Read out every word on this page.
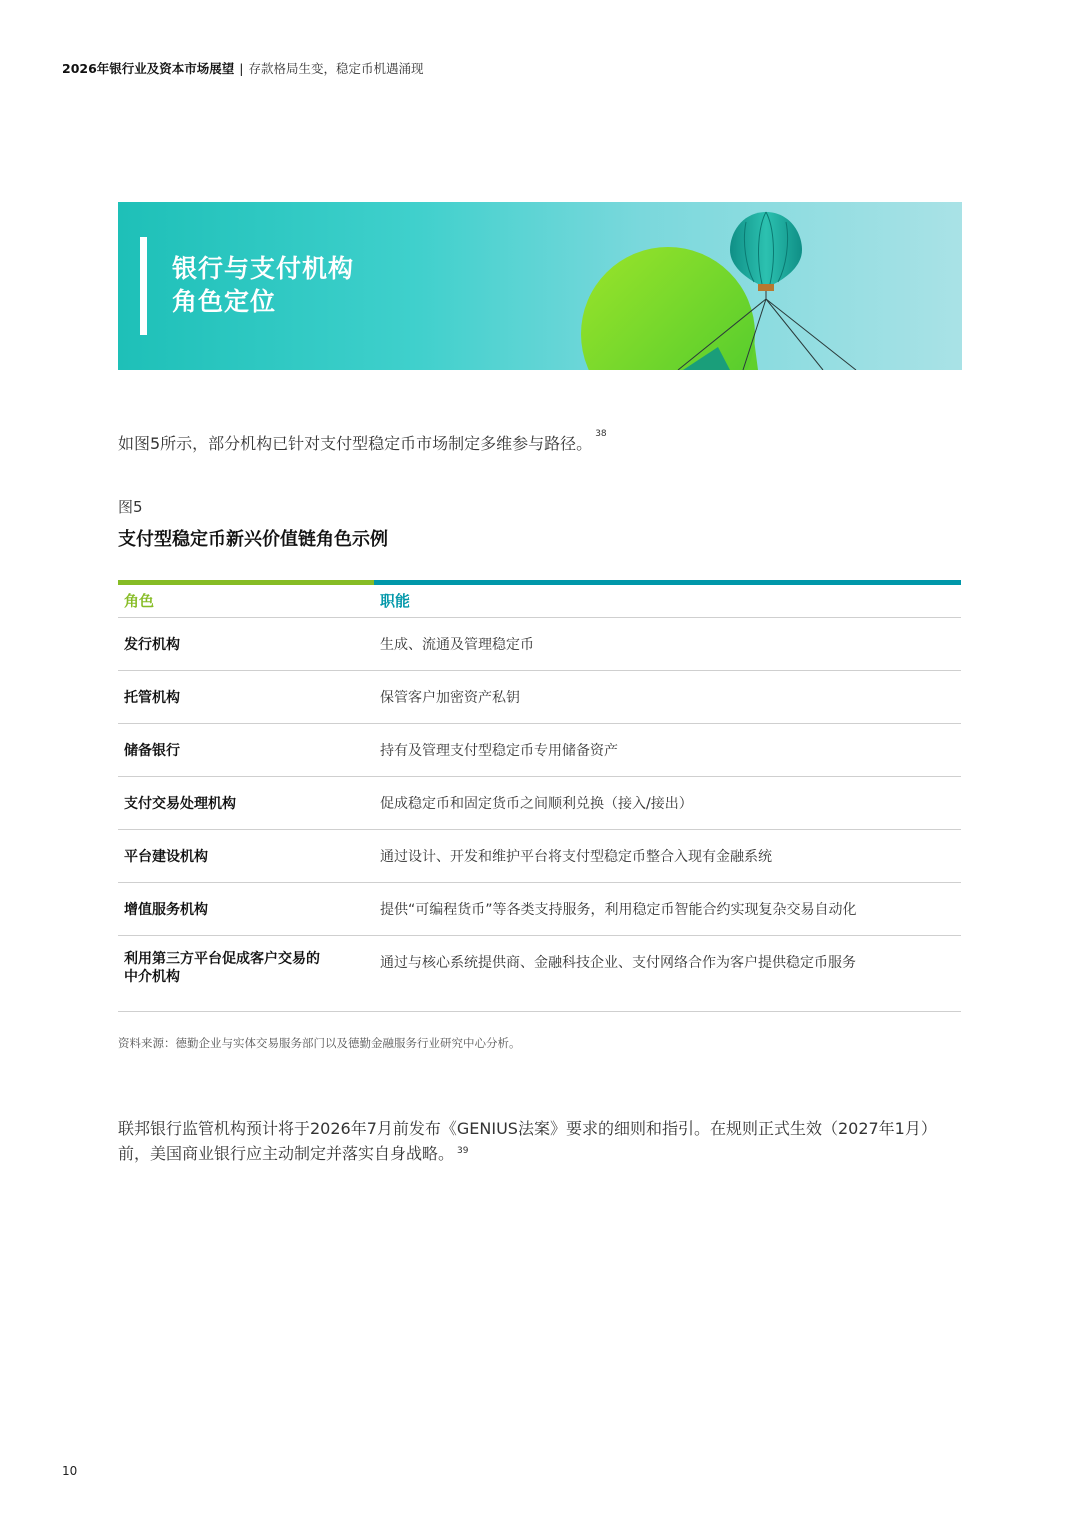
2026年银行业及资本市场展望 | 存款格局生变，稳定币机遇涌现
银行与支付机构
角色定位
如图5所示，部分机构已针对支付型稳定币市场制定多维参与路径。 $^{38}$
图5
支付型稳定币新兴价值链角色示例
角色	职能
发行机构	生成、流通及管理稳定币
托管机构	保管客户加密资产私钥
储备银行	持有及管理支付型稳定币专用储备资产
支付交易处理机构	促成稳定币和固定货币之间顺利兑换（接入/接出）
平台建设机构	通过设计、开发和维护平台将支付型稳定币整合入现有金融系统
增值服务机构	提供“可编程货币”等各类支持服务，利用稳定币智能合约实现复杂交易自动化

利用第三方平台促成客户交易的
中介机构	通过与核心系统提供商、金融科技企业、支付网络合作为客户提供稳定币服务
资料来源：德勤企业与实体交易服务部门以及德勤金融服务行业研究中心分析。
联邦银行监管机构预计将于2026年7月前发布《GENIUS法案》要求的细则和指引。在规则正式生效（2027年1月）
前，美国商业银行应主动制定并落实自身战略。 $^{39}$
10
